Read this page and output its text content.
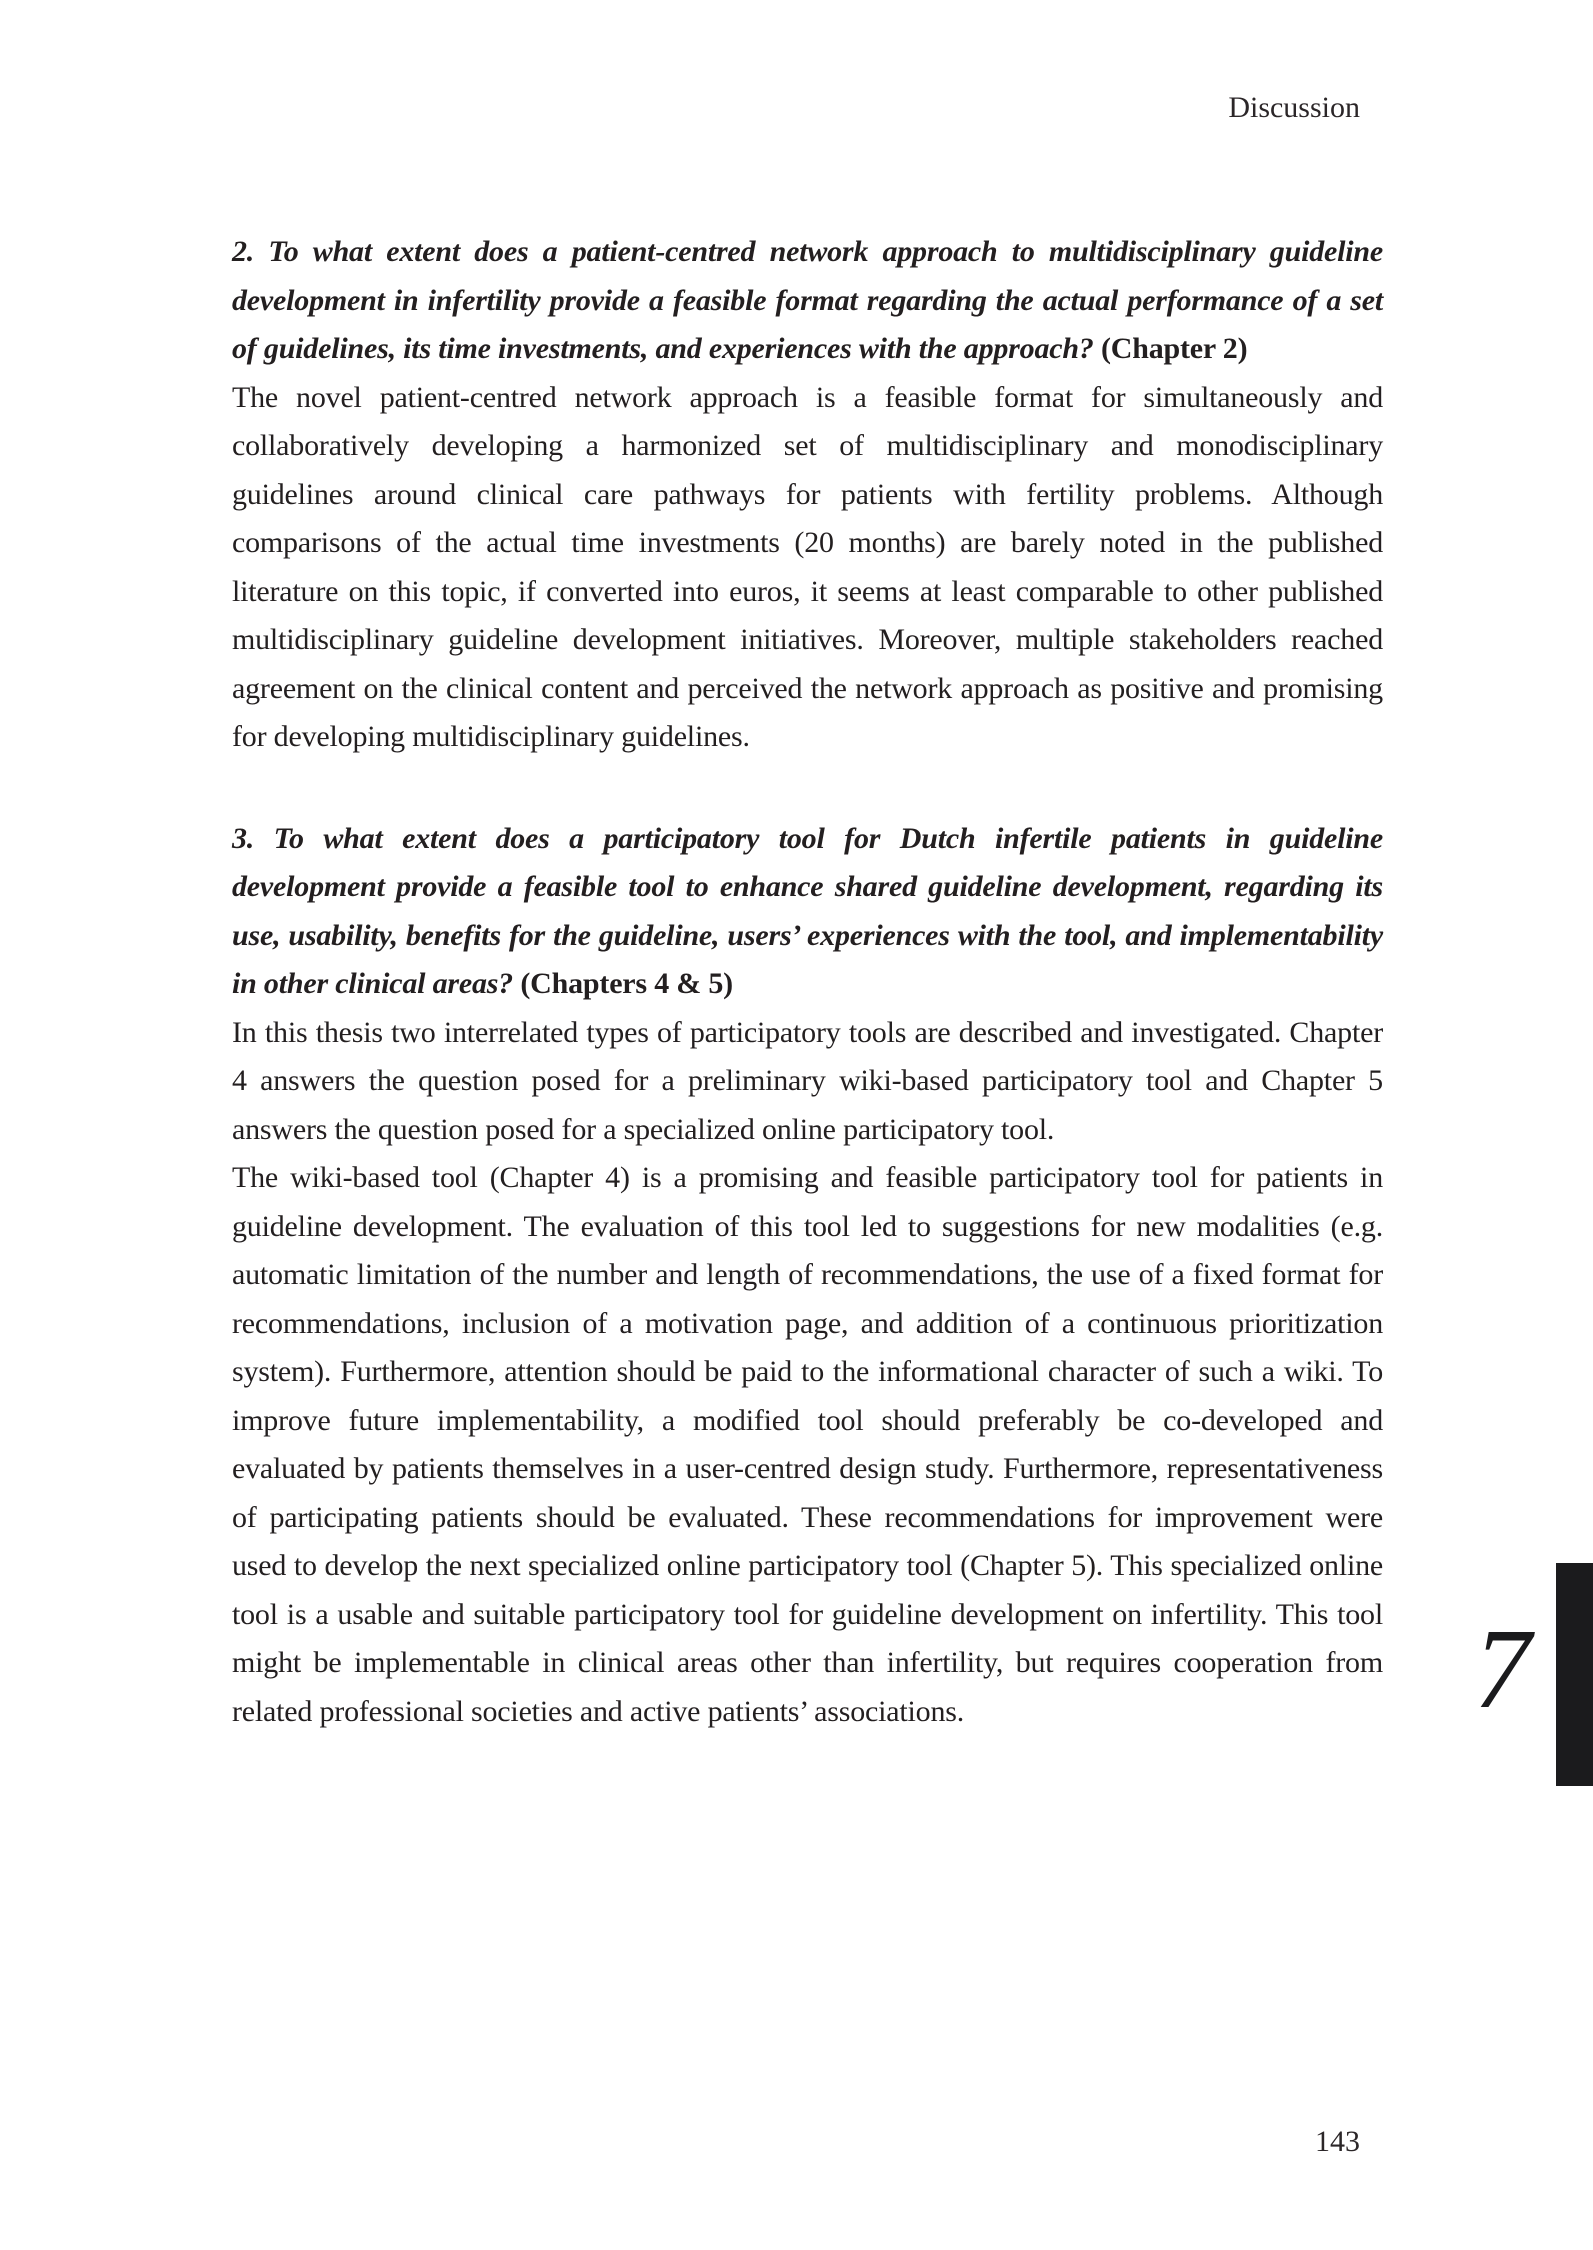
Discussion

2. To what extent does a patient-centred network approach to multidisciplinary guideline development in infertility provide a feasible format regarding the actual performance of a set of guidelines, its time investments, and experiences with the approach? (Chapter 2)

The novel patient-centred network approach is a feasible format for simultaneously and collaboratively developing a harmonized set of multidisciplinary and monodisciplinary guidelines around clinical care pathways for patients with fertility problems. Although comparisons of the actual time investments (20 months) are barely noted in the published literature on this topic, if converted into euros, it seems at least comparable to other published multidisciplinary guideline development initiatives. Moreover, multiple stakeholders reached agreement on the clinical content and perceived the network approach as positive and promising for developing multidisciplinary guidelines.

3. To what extent does a participatory tool for Dutch infertile patients in guideline development provide a feasible tool to enhance shared guideline development, regarding its use, usability, benefits for the guideline, users’ experiences with the tool, and implementability in other clinical areas? (Chapters 4 & 5)

In this thesis two interrelated types of participatory tools are described and investigated. Chapter 4 answers the question posed for a preliminary wiki-based participatory tool and Chapter 5 answers the question posed for a specialized online participatory tool.

The wiki-based tool (Chapter 4) is a promising and feasible participatory tool for patients in guideline development. The evaluation of this tool led to suggestions for new modalities (e.g. automatic limitation of the number and length of recommendations, the use of a fixed format for recommendations, inclusion of a motivation page, and addition of a continuous prioritization system). Furthermore, attention should be paid to the informational character of such a wiki. To improve future implementability, a modified tool should preferably be co-developed and evaluated by patients themselves in a user-centred design study. Furthermore, representativeness of participating patients should be evaluated. These recommendations for improvement were used to develop the next specialized online participatory tool (Chapter 5). This specialized online tool is a usable and suitable participatory tool for guideline development on infertility. This tool might be implementable in clinical areas other than infertility, but requires cooperation from related professional societies and active patients’ associations.	7
143
